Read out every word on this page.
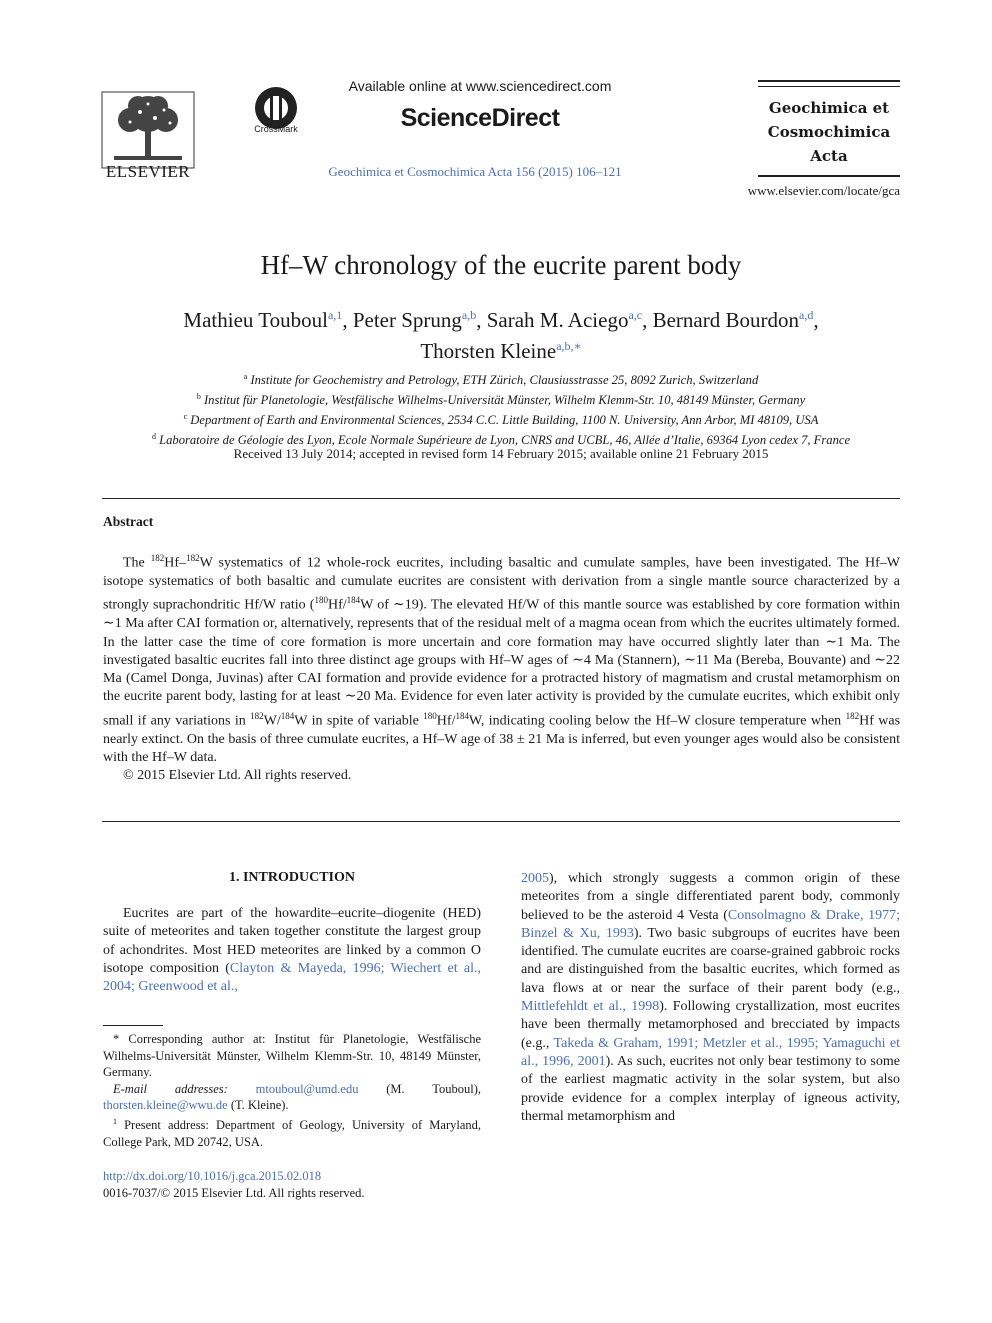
ELSEVIER
CrossMark
Available online at www.sciencedirect.com
ScienceDirect
Geochimica et Cosmochimica Acta 156 (2015) 106–121
Geochimica et
Cosmochimica
Acta
www.elsevier.com/locate/gca
Hf–W chronology of the eucrite parent body
Mathieu Touboul$^{a,1}$, Peter Sprung$^{a,b}$, Sarah M. Aciego$^{a,c}$, Bernard Bourdon$^{a,d}$,
Thorsten Kleine$^{a,b,∗}$
$^a$ Institute for Geochemistry and Petrology, ETH Zürich, Clausiusstrasse 25, 8092 Zurich, Switzerland
$^b$ Institut für Planetologie, Westfälische Wilhelms-Universität Münster, Wilhelm Klemm-Str. 10, 48149 Münster, Germany
$^c$ Department of Earth and Environmental Sciences, 2534 C.C. Little Building, 1100 N. University, Ann Arbor, MI 48109, USA
$^d$ Laboratoire de Géologie des Lyon, Ecole Normale Supérieure de Lyon, CNRS and UCBL, 46, Allée d’Italie, 69364 Lyon cedex 7, France
Received 13 July 2014; accepted in revised form 14 February 2015; available online 21 February 2015
Abstract

The $^{182}$Hf–$^{182}$W systematics of 12 whole-rock eucrites, including basaltic and cumulate samples, have been investigated. The Hf–W isotope systematics of both basaltic and cumulate eucrites are consistent with derivation from a single mantle source characterized by a strongly suprachondritic Hf/W ratio ($^{180}$Hf/$^{184}$W of ∼19). The elevated Hf/W of this mantle source was established by core formation within ∼1 Ma after CAI formation or, alternatively, represents that of the residual melt of a magma ocean from which the eucrites ultimately formed. In the latter case the time of core formation is more uncertain and core formation may have occurred slightly later than ∼1 Ma. The investigated basaltic eucrites fall into three distinct age groups with Hf–W ages of ∼4 Ma (Stannern), ∼11 Ma (Bereba, Bouvante) and ∼22 Ma (Camel Donga, Juvinas) after CAI formation and provide evidence for a protracted history of magmatism and crustal metamorphism on the eucrite parent body, lasting for at least ∼20 Ma. Evidence for even later activity is provided by the cumulate eucrites, which exhibit only small if any variations in $^{182}$W/$^{184}$W in spite of variable $^{180}$Hf/$^{184}$W, indicating cooling below the Hf–W closure temperature when $^{182}$Hf was nearly extinct. On the basis of three cumulate eucrites, a Hf–W age of 38 ± 21 Ma is inferred, but even younger ages would also be consistent with the Hf–W data.

© 2015 Elsevier Ltd. All rights reserved.

1. INTRODUCTION

Eucrites are part of the howardite–eucrite–diogenite (HED) suite of meteorites and taken together constitute the largest group of achondrites. Most HED meteorites are linked by a common O isotope composition (Clayton & Mayeda, 1996; Wiechert et al., 2004; Greenwood et al.,

* Corresponding author at: Institut für Planetologie, Westfälische Wilhelms-Universität Münster, Wilhelm Klemm-Str. 10, 48149 Münster, Germany.

E-mail addresses: mtouboul@umd.edu (M. Touboul), thorsten.kleine@wwu.de (T. Kleine).

$^1$ Present address: Department of Geology, University of Maryland, College Park, MD 20742, USA.

http://dx.doi.org/10.1016/j.gca.2015.02.018
0016-7037/© 2015 Elsevier Ltd. All rights reserved.

2005), which strongly suggests a common origin of these meteorites from a single differentiated parent body, commonly believed to be the asteroid 4 Vesta (Consolmagno & Drake, 1977; Binzel & Xu, 1993). Two basic subgroups of eucrites have been identified. The cumulate eucrites are coarse-grained gabbroic rocks and are distinguished from the basaltic eucrites, which formed as lava flows at or near the surface of their parent body (e.g., Mittlefehldt et al., 1998). Following crystallization, most eucrites have been thermally metamorphosed and brecciated by impacts (e.g., Takeda & Graham, 1991; Metzler et al., 1995; Yamaguchi et al., 1996, 2001). As such, eucrites not only bear testimony to some of the earliest magmatic activity in the solar system, but also provide evidence for a complex interplay of igneous activity, thermal metamorphism and
